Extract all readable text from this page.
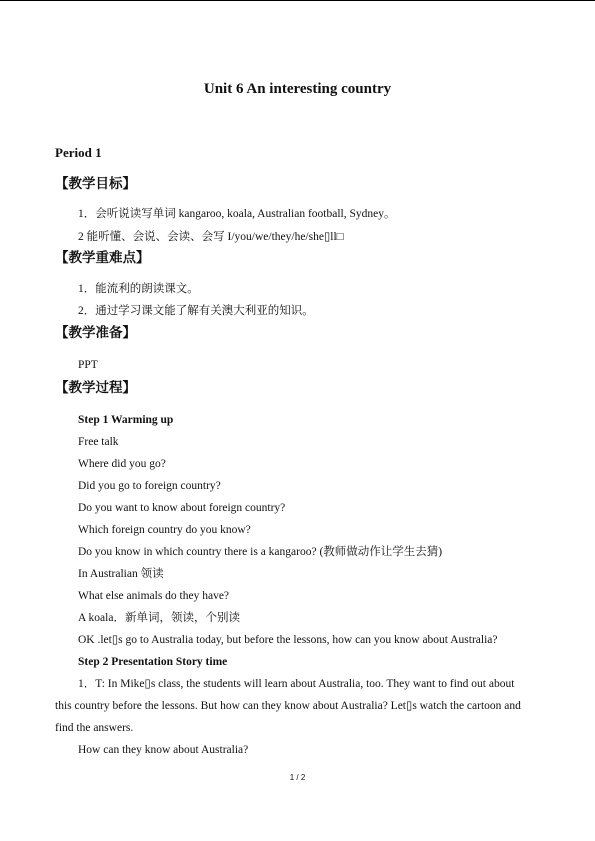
Unit 6 An interesting country
Period 1
【教学目标】
1．会听说读写单词 kangaroo, koala, Australian football, Sydney。
2 能听懂、会说、会读、会写 I/you/we/they/he/she▯ll□
【教学重难点】
1．能流利的朗读课文。
2．通过学习课文能了解有关澳大利亚的知识。
【教学准备】
PPT
【教学过程】
Step 1 Warming up
Free talk
Where did you go?
Did you go to foreign country?
Do you want to know about foreign country?
Which foreign country do you know?
Do you know in which country there is a kangaroo? (教师做动作让学生去猜)
In Australian 领读
What else animals do they have?
A koala．新单词，领读，个别读
OK .let▯s go to Australia today, but before the lessons, how can you know about Australia?
Step 2 Presentation Story time
1．T: In Mike▯s class, the students will learn about Australia, too. They want to find out about
this country before the lessons. But how can they know about Australia? Let▯s watch the cartoon and
find the answers.
How can they know about Australia?
1 / 2
